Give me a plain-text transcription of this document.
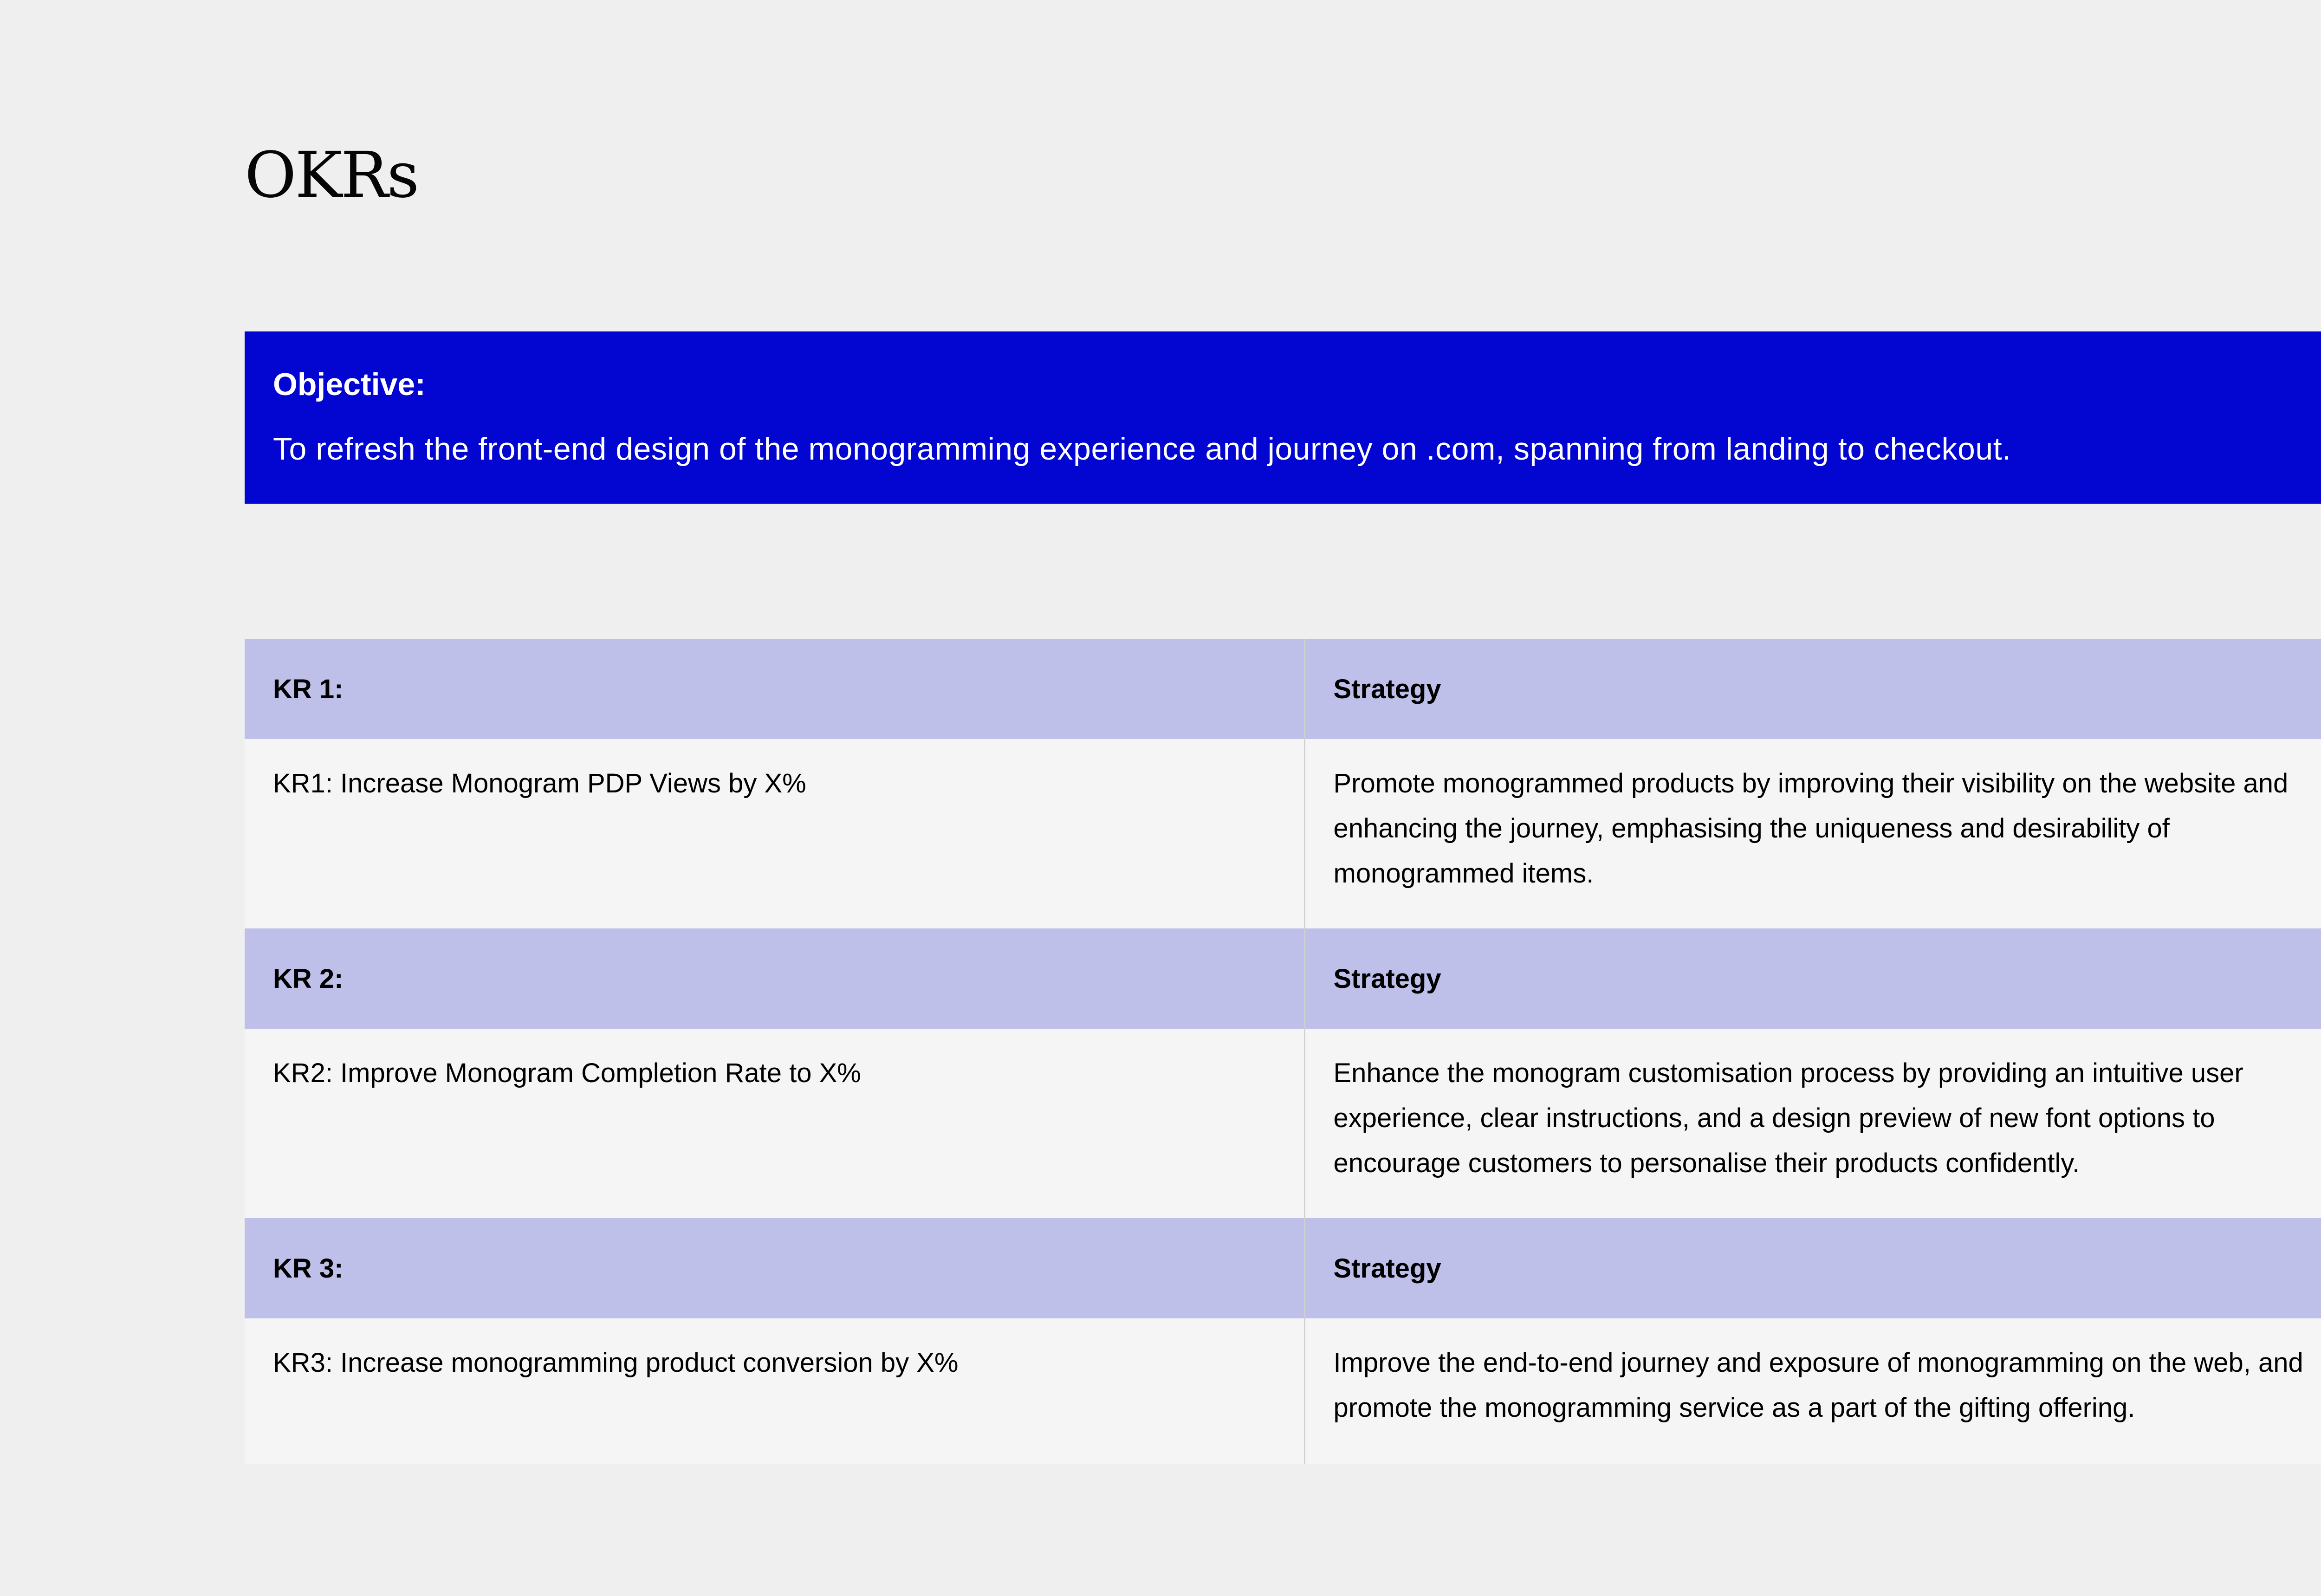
OKRs

Objective:

To refresh the front-end design of the monogramming experience and journey on .com, spanning from landing to checkout.

KR 1:	Strategy
KR1: Increase Monogram PDP Views by X%	Promote monogrammed products by improving their visibility on the website and enhancing the journey, emphasising the uniqueness and desirability of monogrammed items.
KR 2:	Strategy
KR2: Improve Monogram Completion Rate to X%	Enhance the monogram customisation process by providing an intuitive user experience, clear instructions, and a design preview of new font options to encourage customers to personalise their products confidently.
KR 3:	Strategy
KR3: Increase monogramming product conversion by X%	Improve the end-to-end journey and exposure of monogramming on the web, and promote the monogramming service as a part of the gifting offering.
